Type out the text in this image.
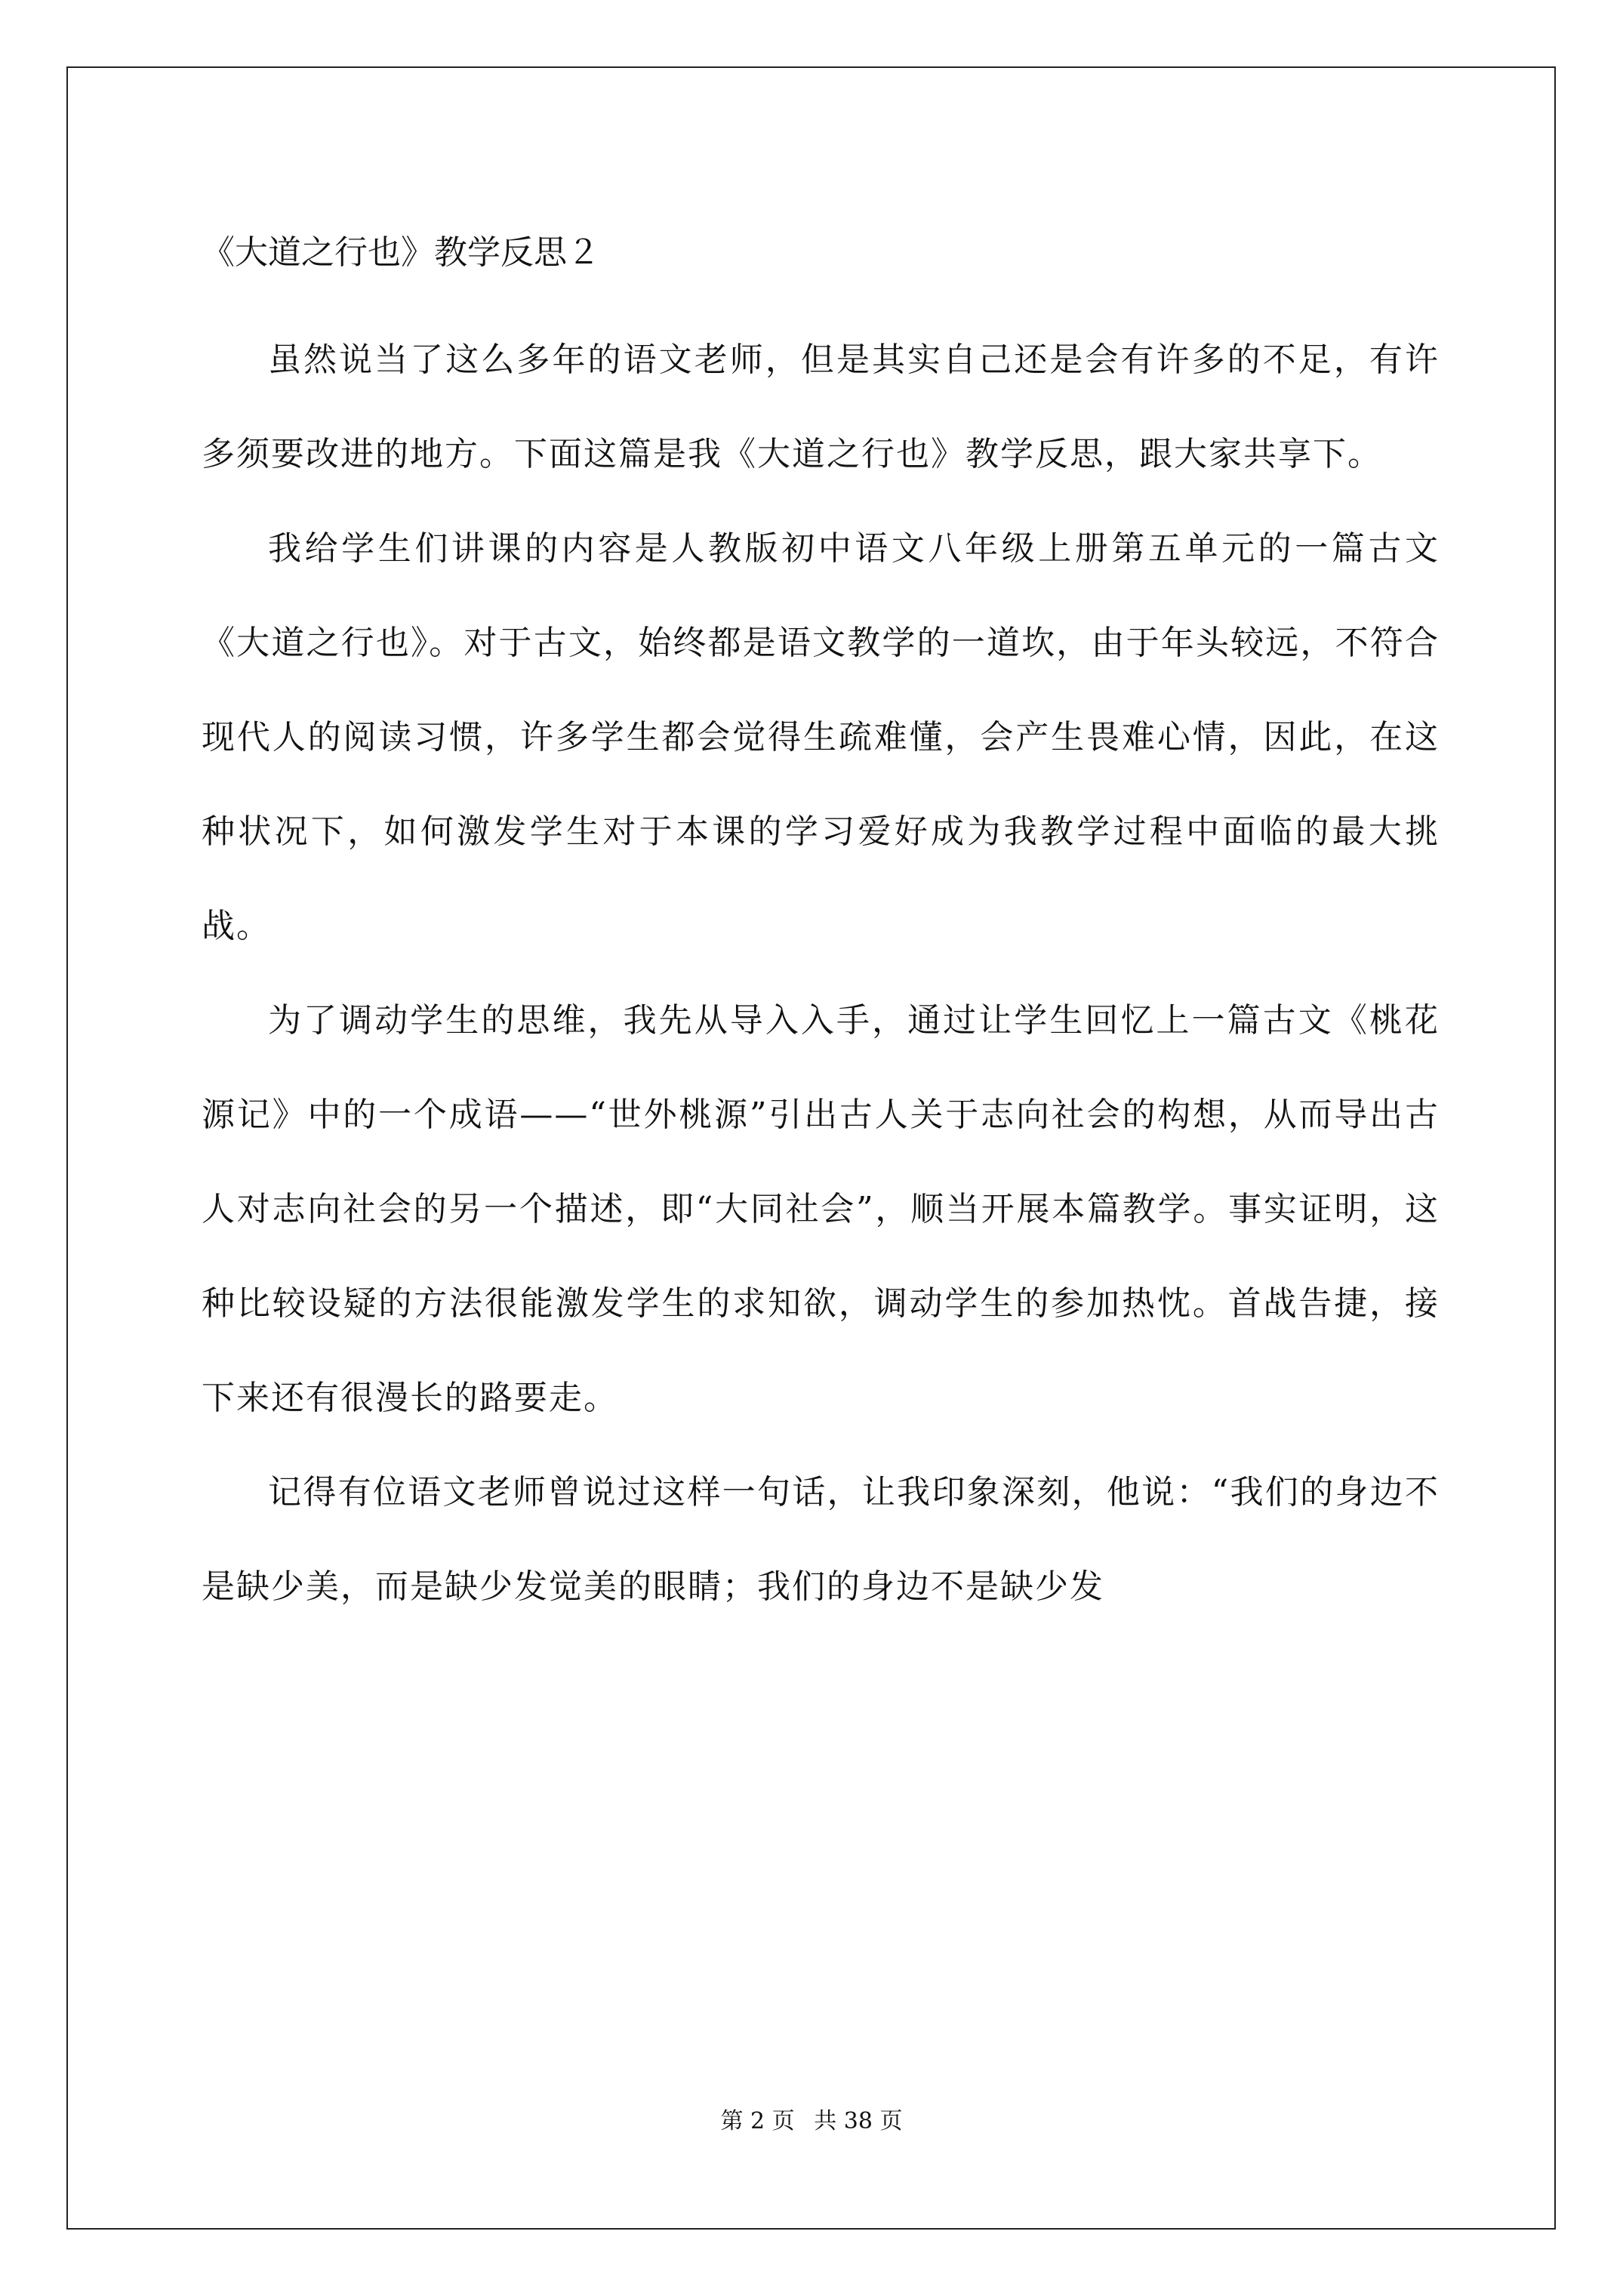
《大道之行也》教学反思２

虽然说当了这么多年的语文老师，但是其实自己还是会有许多的不足，有许多须要改进的地方。下面这篇是我《大道之行也》教学反思，跟大家共享下。

我给学生们讲课的内容是人教版初中语文八年级上册第五单元的一篇古文《大道之行也》。对于古文，始终都是语文教学的一道坎，由于年头较远，不符合现代人的阅读习惯，许多学生都会觉得生疏难懂，会产生畏难心情，因此，在这种状况下，如何激发学生对于本课的学习爱好成为我教学过程中面临的最大挑战。

为了调动学生的思维，我先从导入入手，通过让学生回忆上一篇古文《桃花源记》中的一个成语——“世外桃源”引出古人关于志向社会的构想，从而导出古人对志向社会的另一个描述，即“大同社会”，顺当开展本篇教学。事实证明，这种比较设疑的方法很能激发学生的求知欲，调动学生的参加热忱。首战告捷，接下来还有很漫长的路要走。

记得有位语文老师曾说过这样一句话，让我印象深刻，他说：“我们的身边不是缺少美，而是缺少发觉美的眼睛；我们的身边不是缺少发

第 2 页 共 38 页
